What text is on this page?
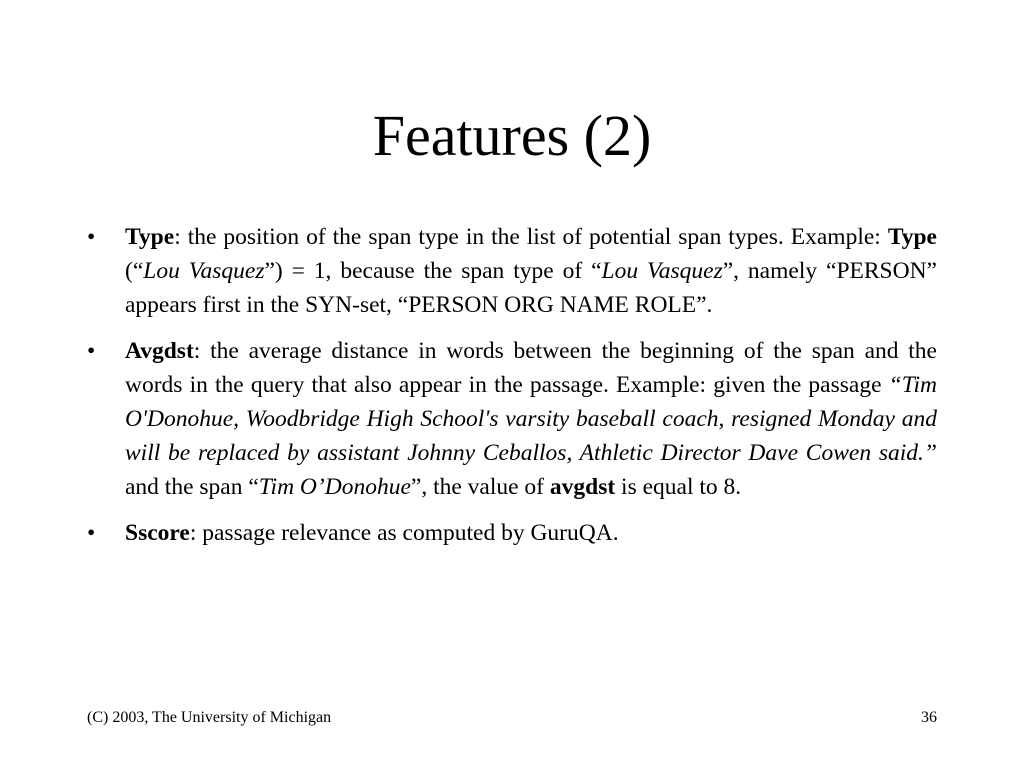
Features (2)
•	Type: the position of the span type in the list of potential span types. Example: Type (“Lou Vasquez”) = 1, because the span type of “Lou Vasquez”, namely “PERSON” appears first in the SYN-set, “PERSON ORG NAME ROLE”.
•	Avgdst: the average distance in words between the beginning of the span and the words in the query that also appear in the passage. Example: given the passage “Tim O'Donohue, Woodbridge High School's varsity baseball coach, resigned Monday and will be replaced by assistant Johnny Ceballos, Athletic Director Dave Cowen said.” and the span “Tim O’Donohue”, the value of avgdst is equal to 8.
•	Sscore: passage relevance as computed by GuruQA.
(C) 2003, The University of Michigan	36
